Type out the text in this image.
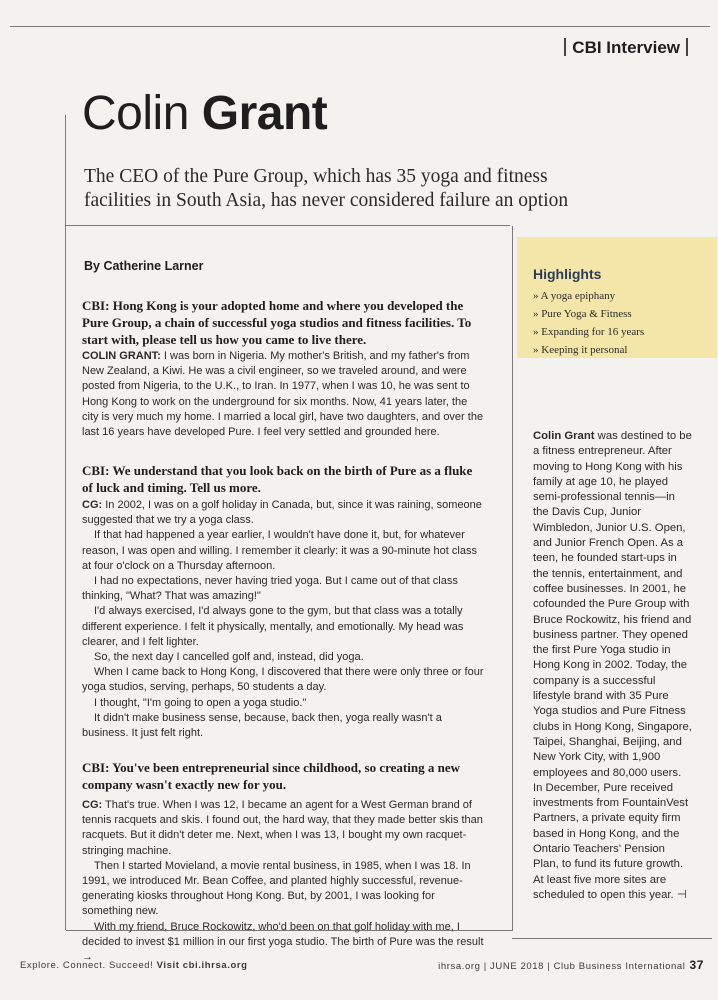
CBI Interview
Colin Grant
The CEO of the Pure Group, which has 35 yoga and fitness facilities in South Asia, has never considered failure an option
By Catherine Larner
CBI: Hong Kong is your adopted home and where you developed the Pure Group, a chain of successful yoga studios and fitness facilities. To start with, please tell us how you came to live there.

COLIN GRANT: I was born in Nigeria. My mother's British, and my father's from New Zealand, a Kiwi. He was a civil engineer, so we traveled around, and were posted from Nigeria, to the U.K., to Iran. In 1977, when I was 10, he was sent to Hong Kong to work on the underground for six months. Now, 41 years later, the city is very much my home. I married a local girl, have two daughters, and over the last 16 years have developed Pure. I feel very settled and grounded here.

CBI: We understand that you look back on the birth of Pure as a fluke of luck and timing. Tell us more.

CG: In 2002, I was on a golf holiday in Canada, but, since it was raining, someone suggested that we try a yoga class.

If that had happened a year earlier, I wouldn't have done it, but, for whatever reason, I was open and willing. I remember it clearly: it was a 90-minute hot class at four o'clock on a Thursday afternoon.

I had no expectations, never having tried yoga. But I came out of that class thinking, "What? That was amazing!"

I'd always exercised, I'd always gone to the gym, but that class was a totally different experience. I felt it physically, mentally, and emotionally. My head was clearer, and I felt lighter.

So, the next day I cancelled golf and, instead, did yoga.

When I came back to Hong Kong, I discovered that there were only three or four yoga studios, serving, perhaps, 50 students a day.

I thought, "I'm going to open a yoga studio."

It didn't make business sense, because, back then, yoga really wasn't a business. It just felt right.

CBI: You've been entrepreneurial since childhood, so creating a new company wasn't exactly new for you.

CG: That's true. When I was 12, I became an agent for a West German brand of tennis racquets and skis. I found out, the hard way, that they made better skis than racquets. But it didn't deter me. Next, when I was 13, I bought my own racquet-stringing machine.

Then I started Movieland, a movie rental business, in 1985, when I was 18. In 1991, we introduced Mr. Bean Coffee, and planted highly successful, revenue-generating kiosks throughout Hong Kong. But, by 2001, I was looking for something new.

With my friend, Bruce Rockowitz, who'd been on that golf holiday with me, I decided to invest $1 million in our first yoga studio. The birth of Pure was the result →

Highlights
» A yoga epiphany
» Pure Yoga & Fitness
» Expanding for 16 years
» Keeping it personal
Colin Grant was destined to be a fitness entrepreneur. After moving to Hong Kong with his family at age 10, he played semi-professional tennis—in the Davis Cup, Junior Wimbledon, Junior U.S. Open, and Junior French Open. As a teen, he founded start-ups in the tennis, entertainment, and coffee businesses. In 2001, he cofounded the Pure Group with Bruce Rockowitz, his friend and business partner. They opened the first Pure Yoga studio in Hong Kong in 2002. Today, the company is a successful lifestyle brand with 35 Pure Yoga studios and Pure Fitness clubs in Hong Kong, Singapore, Taipei, Shanghai, Beijing, and New York City, with 1,900 employees and 80,000 users. In December, Pure received investments from FountainVest Partners, a private equity firm based in Hong Kong, and the Ontario Teachers' Pension Plan, to fund its future growth. At least five more sites are scheduled to open this year. ⊣
Explore. Connect. Succeed! Visit cbi.ihrsa.org	ihrsa.org | JUNE 2018 | Club Business International 37
